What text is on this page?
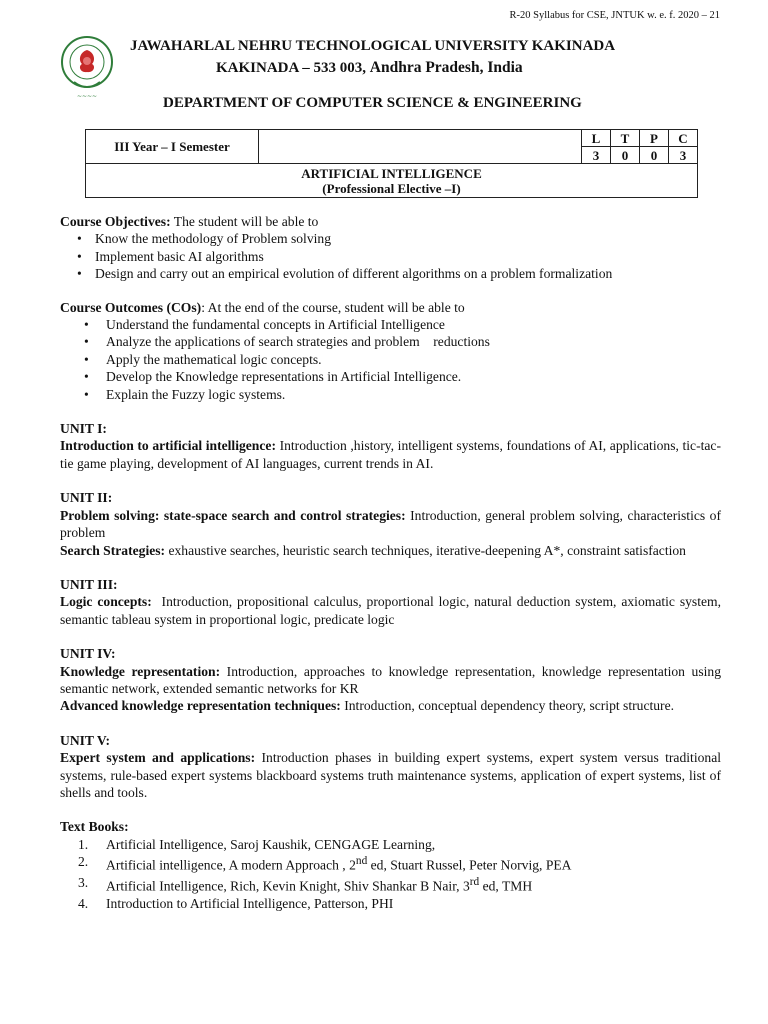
R-20 Syllabus for CSE, JNTUK w. e. f. 2020 – 21
~~~~
JAWAHARLAL NEHRU TECHNOLOGICAL UNIVERSITY KAKINADA
KAKINADA – 533 003, Andhra Pradesh, India
DEPARTMENT OF COMPUTER SCIENCE & ENGINEERING
III Year – I Semester		L	T	P	C
		3	0	0	3

ARTIFICIAL INTELLIGENCE
(Professional Elective –I)					

Course Objectives: The student will be able to

• Know the methodology of Problem solving
• Implement basic AI algorithms
• Design and carry out an empirical evolution of different algorithms on a problem formalization

Course Outcomes (COs): At the end of the course, student will be able to

• Understand the fundamental concepts in Artificial Intelligence
• Analyze the applications of search strategies and problem    reductions
• Apply the mathematical logic concepts.
• Develop the Knowledge representations in Artificial Intelligence.
• Explain the Fuzzy logic systems.

UNIT I:

Introduction to artificial intelligence: Introduction ,history, intelligent systems, foundations of AI, applications, tic-tac-tie game playing, development of AI languages, current trends in AI.

UNIT II:

Problem solving: state-space search and control strategies: Introduction, general problem solving, characteristics of problem

Search Strategies: exhaustive searches, heuristic search techniques, iterative-deepening A*, constraint satisfaction

UNIT III:

Logic concepts:  Introduction, propositional calculus, proportional logic, natural deduction system, axiomatic system, semantic tableau system in proportional logic, predicate logic

UNIT IV:

Knowledge representation: Introduction, approaches to knowledge representation, knowledge representation using semantic network, extended semantic networks for KR

Advanced knowledge representation techniques: Introduction, conceptual dependency theory, script structure.

UNIT V:

Expert system and applications: Introduction phases in building expert systems, expert system versus traditional systems, rule-based expert systems blackboard systems truth maintenance systems, application of expert systems, list of shells and tools.

Text Books:

1. Artificial Intelligence, Saroj Kaushik, CENGAGE Learning,
2. Artificial intelligence, A modern Approach , 2nd ed, Stuart Russel, Peter Norvig, PEA
3. Artificial Intelligence, Rich, Kevin Knight, Shiv Shankar B Nair, 3rd ed, TMH
4. Introduction to Artificial Intelligence, Patterson, PHI
